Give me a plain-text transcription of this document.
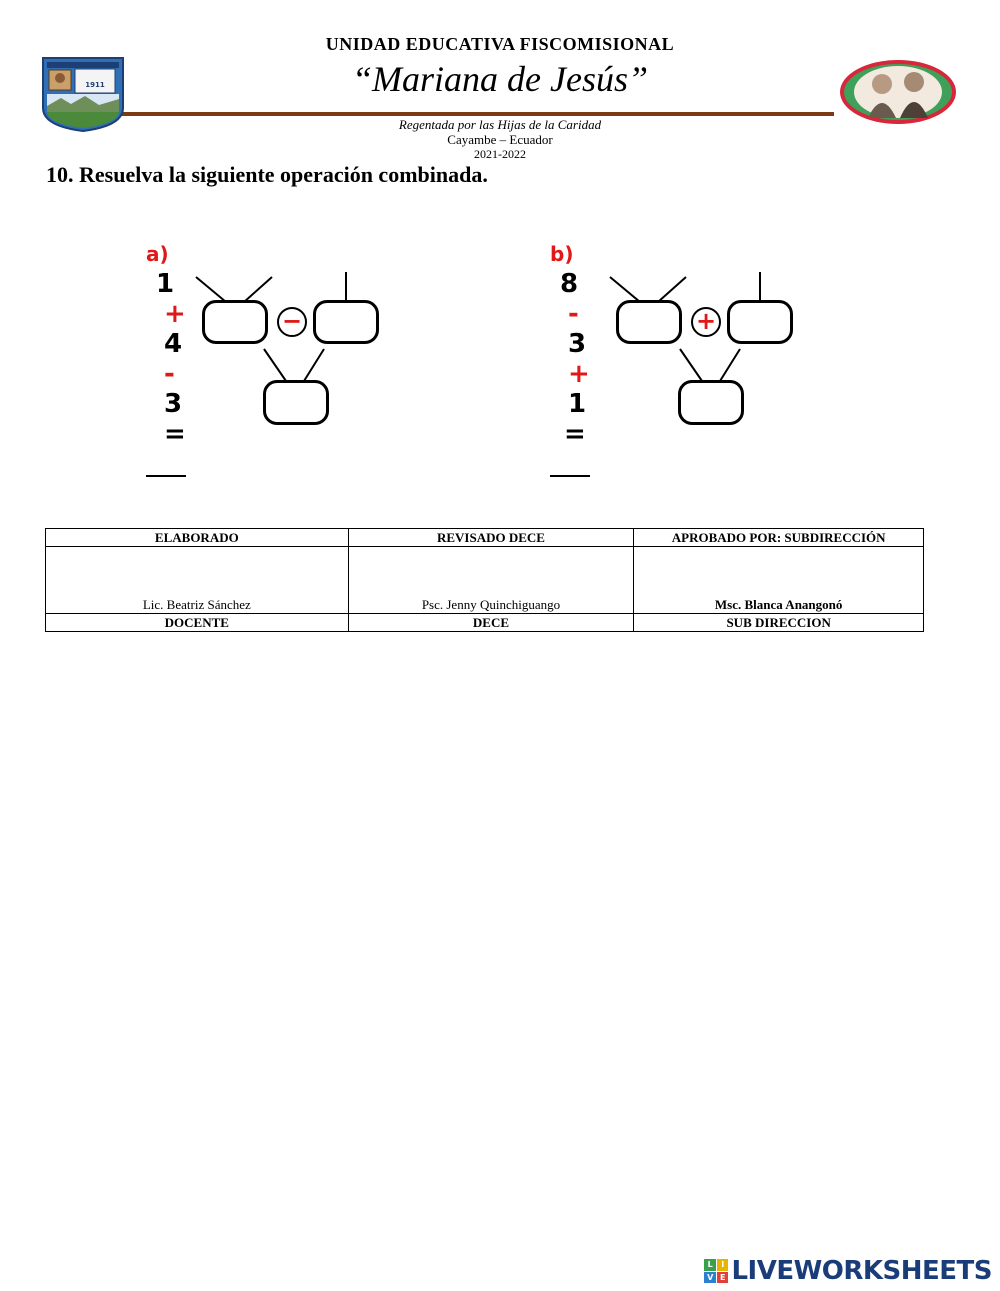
UNIDAD EDUCATIVA FISCOMISIONAL
“Mariana de Jesús”
Regentada por las Hijas de la Caridad
Cayambe – Ecuador
2021-2022
1911
10. Resuelva la siguiente operación combinada.
a) 1 + 4 - 3 =
−
b) 8 - 3 + 1 =
+
ELABORADO	REVISADO DECE	APROBADO POR: SUBDIRECCIÓN
Lic. Beatriz Sánchez	Psc. Jenny Quinchiguango	Msc. Blanca Anangonó
DOCENTE	DECE	SUB DIRECCION
L	I
V E LIVEWORKSHEETS
